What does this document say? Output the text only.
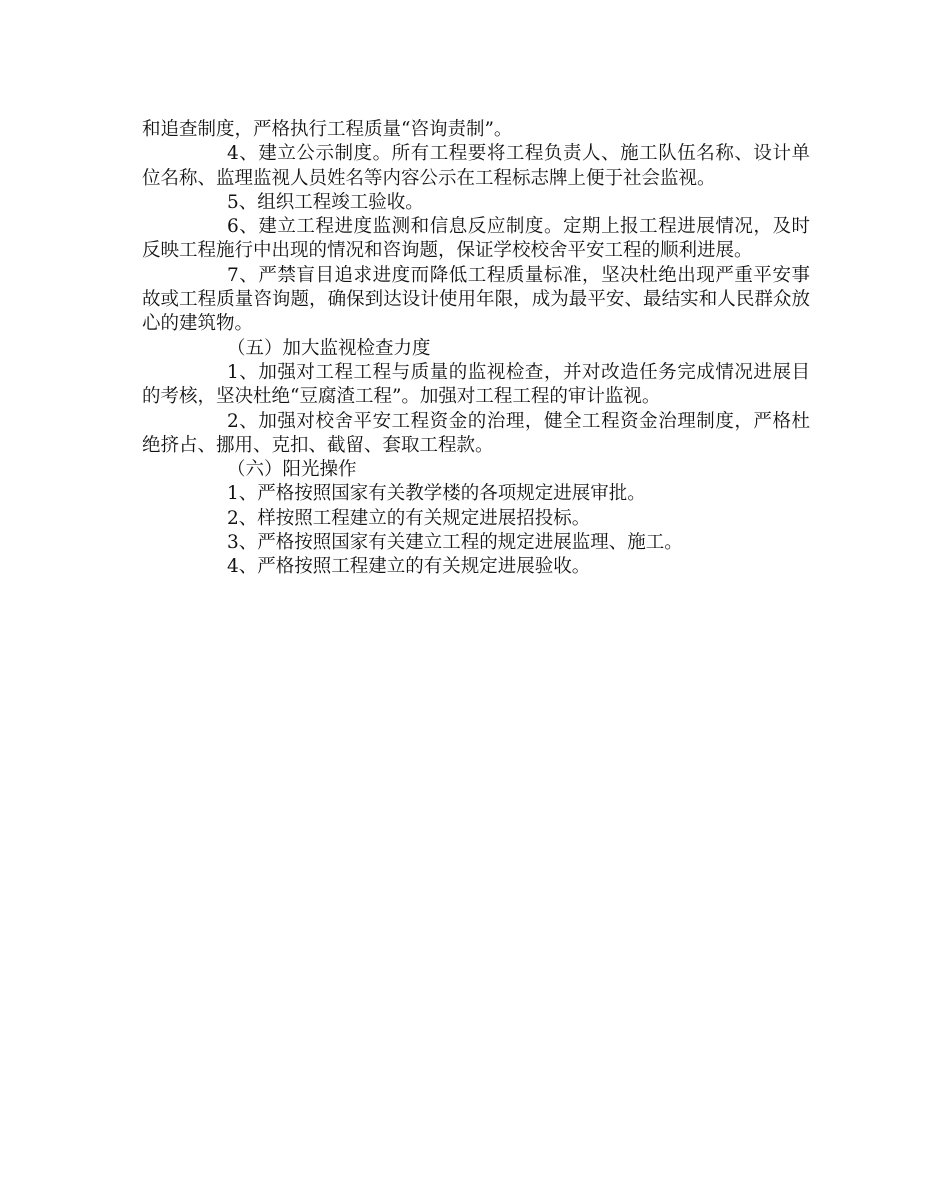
和追查制度，严格执行工程质量“咨询责制”。

4、建立公示制度。所有工程要将工程负责人、施工队伍名称、设计单位名称、监理监视人员姓名等内容公示在工程标志牌上便于社会监视。

5、组织工程竣工验收。

6、建立工程进度监测和信息反应制度。定期上报工程进展情况，及时反映工程施行中出现的情况和咨询题，保证学校校舍平安工程的顺利进展。

7、严禁盲目追求进度而降低工程质量标准，坚决杜绝出现严重平安事故或工程质量咨询题，确保到达设计使用年限，成为最平安、最结实和人民群众放心的建筑物。

（五）加大监视检查力度

1、加强对工程工程与质量的监视检查，并对改造任务完成情况进展目的考核，坚决杜绝“豆腐渣工程”。加强对工程工程的审计监视。

2、加强对校舍平安工程资金的治理，健全工程资金治理制度，严格杜绝挤占、挪用、克扣、截留、套取工程款。

（六）阳光操作

1、严格按照国家有关教学楼的各项规定进展审批。

2、样按照工程建立的有关规定进展招投标。

3、严格按照国家有关建立工程的规定进展监理、施工。

4、严格按照工程建立的有关规定进展验收。
